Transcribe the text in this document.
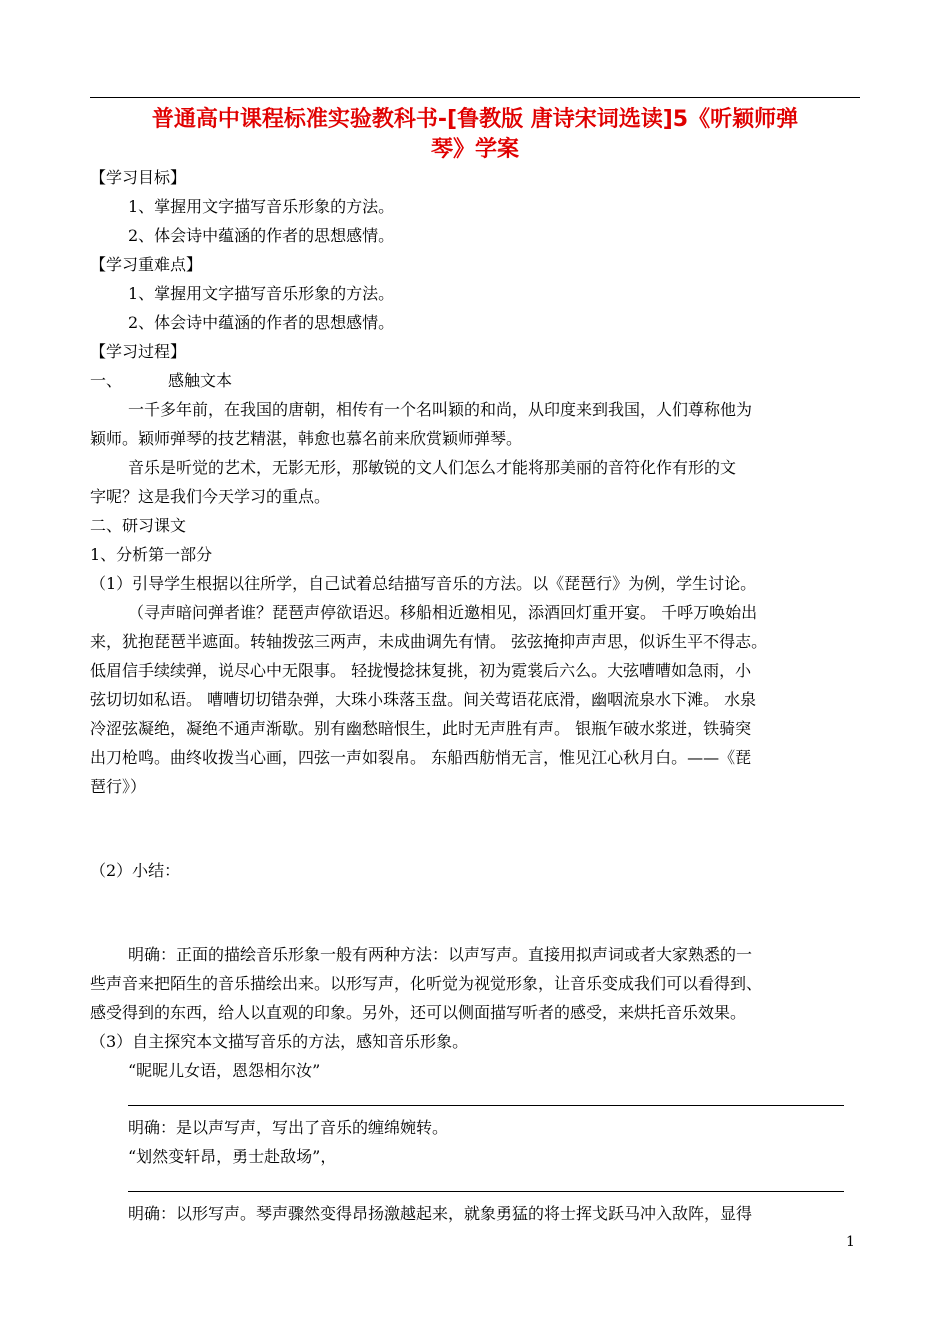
普通高中课程标准实验教科书-[鲁教版 唐诗宋词选读]5《听颖师弹
琴》学案
【学习目标】
1、掌握用文字描写音乐形象的方法。
2、体会诗中蕴涵的作者的思想感情。
【学习重难点】
1、掌握用文字描写音乐形象的方法。
2、体会诗中蕴涵的作者的思想感情。
【学习过程】
一、	感触文本
一千多年前，在我国的唐朝，相传有一个名叫颖的和尚，从印度来到我国，人们尊称他为
颖师。颖师弹琴的技艺精湛，韩愈也慕名前来欣赏颖师弹琴。
音乐是听觉的艺术，无影无形，那敏锐的文人们怎么才能将那美丽的音符化作有形的文
字呢？这是我们今天学习的重点。
二、研习课文
1、分析第一部分
（1）引导学生根据以往所学，自己试着总结描写音乐的方法。以《琵琶行》为例，学生讨论。
（寻声暗问弹者谁？琵琶声停欲语迟。移船相近邀相见，添酒回灯重开宴。 千呼万唤始出
来，犹抱琵琶半遮面。转轴拨弦三两声，未成曲调先有情。 弦弦掩抑声声思，似诉生平不得志。
低眉信手续续弹，说尽心中无限事。 轻拢慢捻抹复挑，初为霓裳后六么。大弦嘈嘈如急雨，小
弦切切如私语。 嘈嘈切切错杂弹，大珠小珠落玉盘。间关莺语花底滑，幽咽流泉水下滩。 水泉
冷涩弦凝绝，凝绝不通声渐歇。别有幽愁暗恨生，此时无声胜有声。 银瓶乍破水浆迸，铁骑突
出刀枪鸣。曲终收拨当心画，四弦一声如裂帛。 东船西舫悄无言，惟见江心秋月白。——《琵
琶行》）
（2）小结：
明确：正面的描绘音乐形象一般有两种方法：以声写声。直接用拟声词或者大家熟悉的一
些声音来把陌生的音乐描绘出来。以形写声，化听觉为视觉形象，让音乐变成我们可以看得到、
感受得到的东西，给人以直观的印象。另外，还可以侧面描写听者的感受，来烘托音乐效果。
（3）自主探究本文描写音乐的方法，感知音乐形象。
“昵昵儿女语，恩怨相尔汝”
明确：是以声写声，写出了音乐的缠绵婉转。
“划然变轩昂，勇士赴敌场”，
明确：以形写声。琴声骤然变得昂扬激越起来，就象勇猛的将士挥戈跃马冲入敌阵，显得
1
